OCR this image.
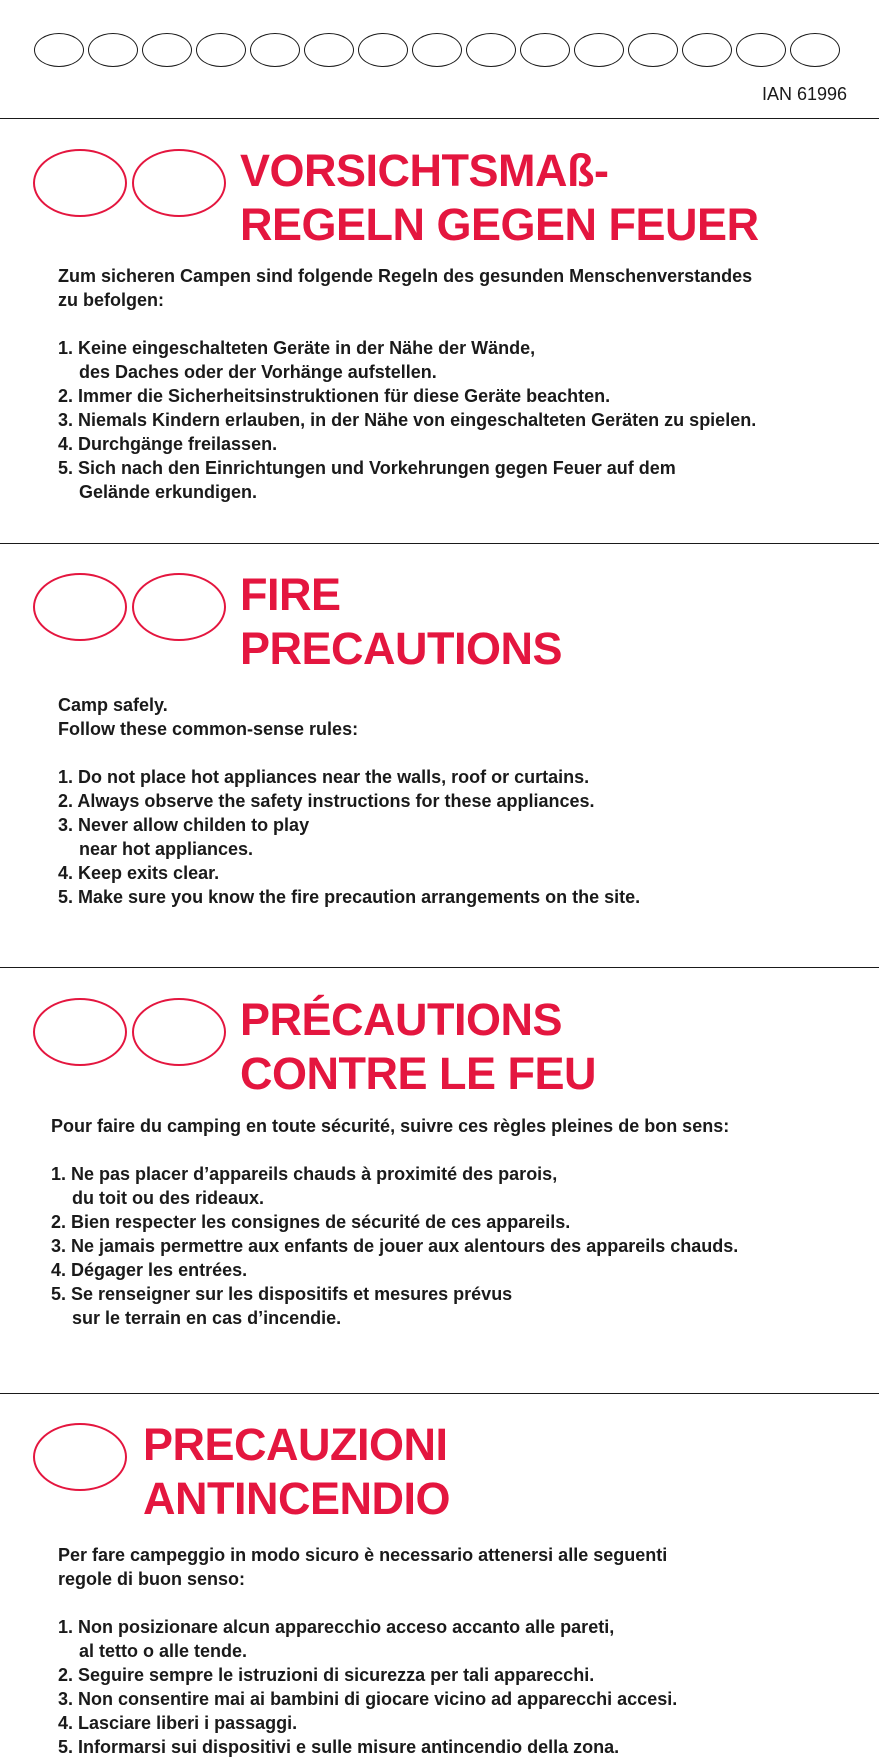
IAN 61996
VORSICHTSMAß-
REGELN GEGEN FEUER
Zum sicheren Campen sind folgende Regeln des gesunden Menschenverstandes
zu befolgen:
1. Keine eingeschalteten Geräte in der Nähe der Wände,
des Daches oder der Vorhänge aufstellen.
2. Immer die Sicherheitsinstruktionen für diese Geräte beachten.
3. Niemals Kindern erlauben, in der Nähe von eingeschalteten Geräten zu spielen.
4. Durchgänge freilassen.
5. Sich nach den Einrichtungen und Vorkehrungen gegen Feuer auf dem
Gelände erkundigen.
FIRE
PRECAUTIONS
Camp safely.
Follow these common-sense rules:
1. Do not place hot appliances near the walls, roof or curtains.
2. Always observe the safety instructions for these appliances.
3. Never allow childen to play
near hot appliances.
4. Keep exits clear.
5. Make sure you know the fire precaution arrangements on the site.
PRÉCAUTIONS
CONTRE LE FEU
Pour faire du camping en toute sécurité, suivre ces règles pleines de bon sens:
1. Ne pas placer d’appareils chauds à proximité des parois,
du toit ou des rideaux.
2. Bien respecter les consignes de sécurité de ces appareils.
3. Ne jamais permettre aux enfants de jouer aux alentours des appareils chauds.
4. Dégager les entrées.
5. Se renseigner sur les dispositifs et mesures prévus
sur le terrain en cas d’incendie.
PRECAUZIONI
ANTINCENDIO
Per fare campeggio in modo sicuro è necessario attenersi alle seguenti
regole di buon senso:
1. Non posizionare alcun apparecchio acceso accanto alle pareti,
al tetto o alle tende.
2. Seguire sempre le istruzioni di sicurezza per tali apparecchi.
3. Non consentire mai ai bambini di giocare vicino ad apparecchi accesi.
4. Lasciare liberi i passaggi.
5. Informarsi sui dispositivi e sulle misure antincendio della zona.
